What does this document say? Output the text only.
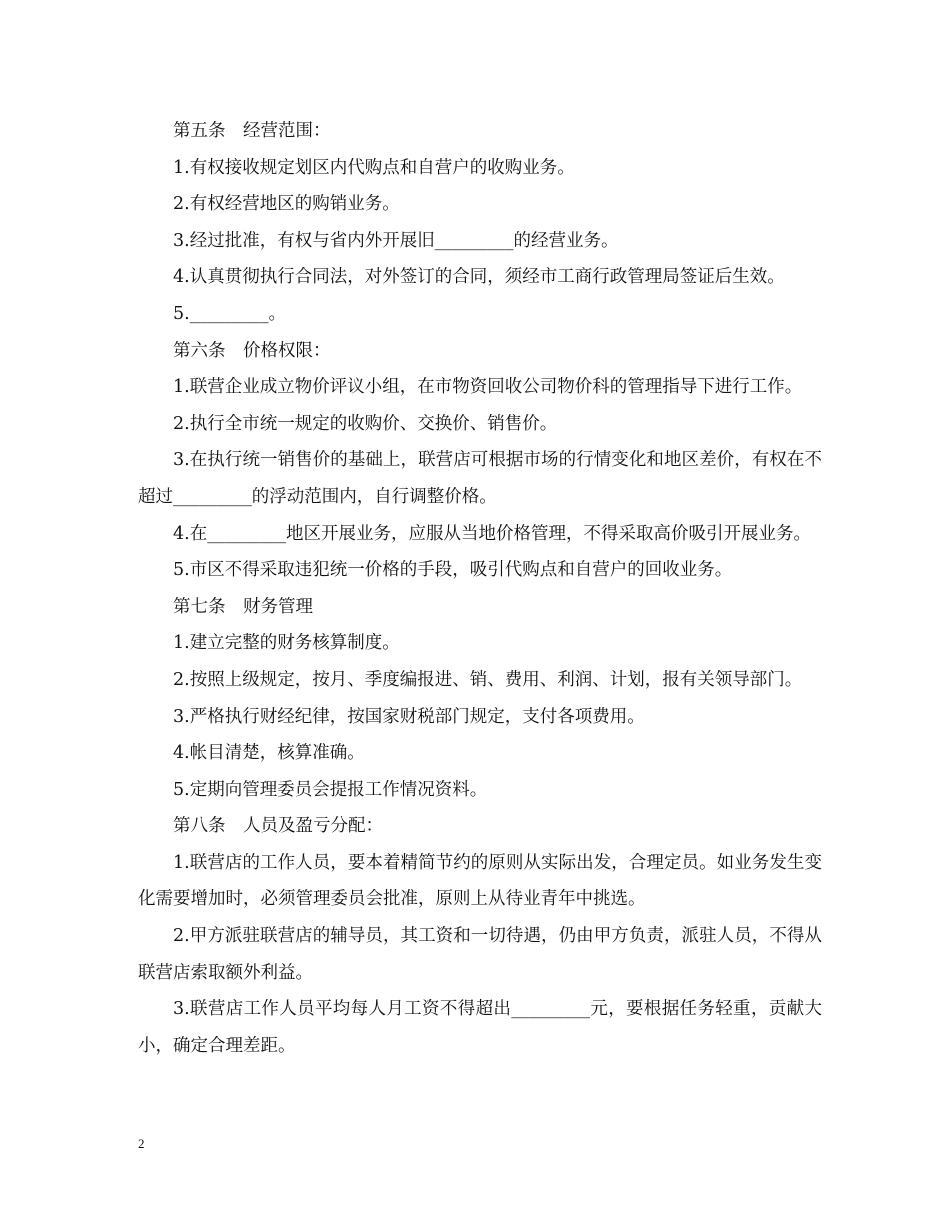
第五条　经营范围：

1.有权接收规定划区内代购点和自营户的收购业务。

2.有权经营地区的购销业务。

3.经过批准，有权与省内外开展旧_________的经营业务。

4.认真贯彻执行合同法，对外签订的合同，须经市工商行政管理局签证后生效。

5._________。

第六条　价格权限：

1.联营企业成立物价评议小组，在市物资回收公司物价科的管理指导下进行工作。

2.执行全市统一规定的收购价、交换价、销售价。

3.在执行统一销售价的基础上，联营店可根据市场的行情变化和地区差价，有权在不超过_________的浮动范围内，自行调整价格。

4.在_________地区开展业务，应服从当地价格管理，不得采取高价吸引开展业务。

5.市区不得采取违犯统一价格的手段，吸引代购点和自营户的回收业务。

第七条　财务管理

1.建立完整的财务核算制度。

2.按照上级规定，按月、季度编报进、销、费用、利润、计划，报有关领导部门。

3.严格执行财经纪律，按国家财税部门规定，支付各项费用。

4.帐目清楚，核算准确。

5.定期向管理委员会提报工作情况资料。

第八条　人员及盈亏分配：

1.联营店的工作人员，要本着精简节约的原则从实际出发，合理定员。如业务发生变化需要增加时，必须管理委员会批准，原则上从待业青年中挑选。

2.甲方派驻联营店的辅导员，其工资和一切待遇，仍由甲方负责，派驻人员，不得从联营店索取额外利益。

3.联营店工作人员平均每人月工资不得超出_________元，要根据任务轻重，贡献大小，确定合理差距。

2
